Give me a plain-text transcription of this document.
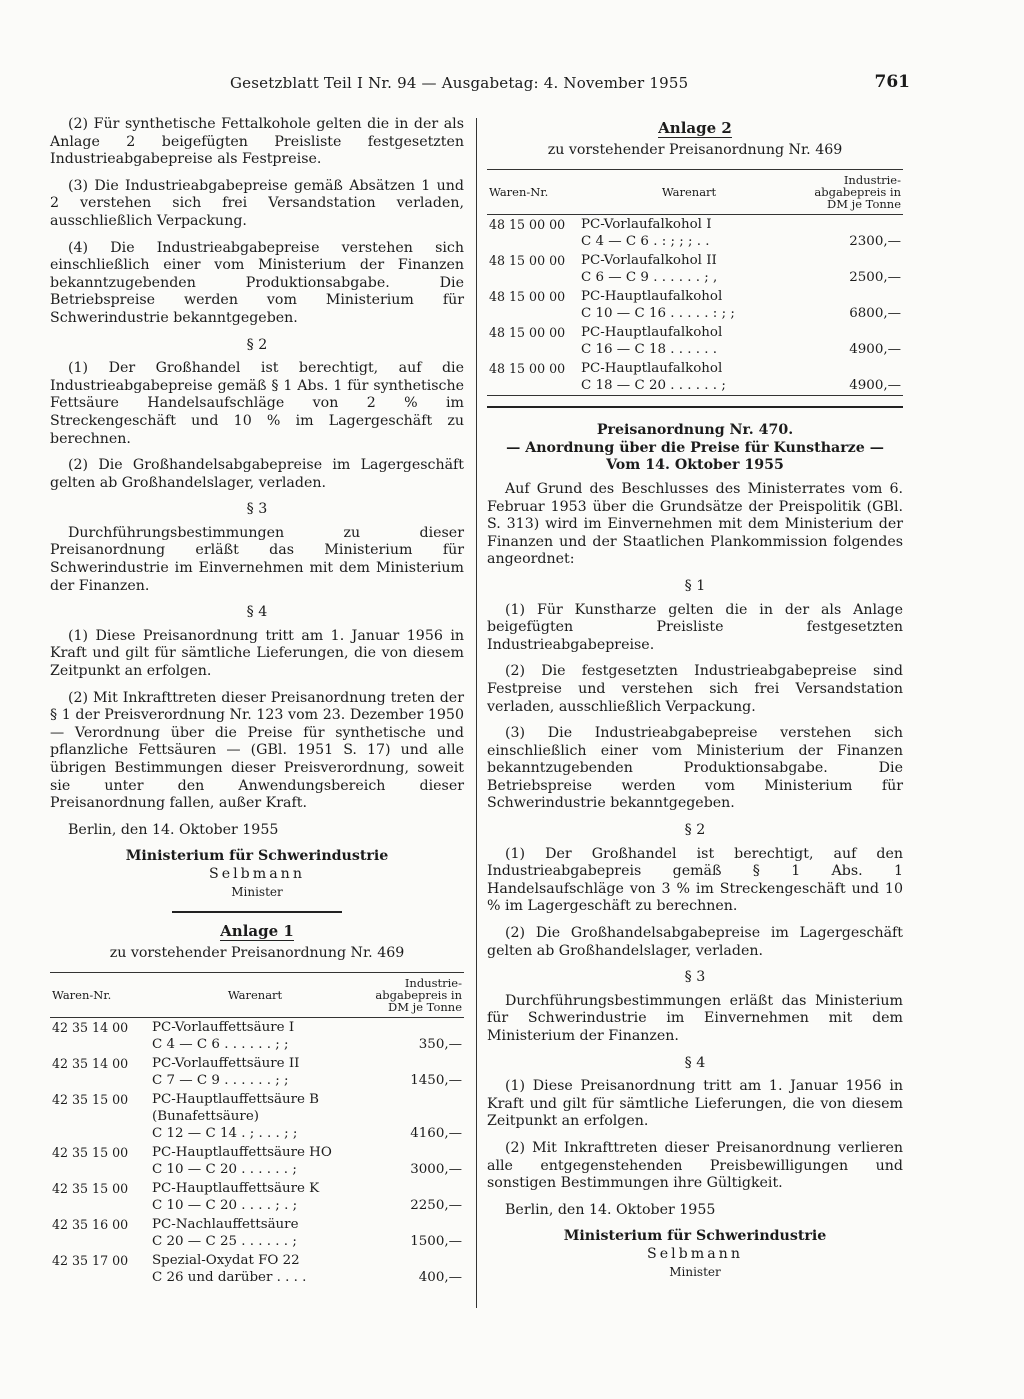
Gesetzblatt Teil I Nr. 94 — Ausgabetag: 4. November 1955	761

(2) Für synthetische Fettalkohole gelten die in der als Anlage 2 beigefügten Preisliste festgesetzten Industrieabgabepreise als Festpreise.

(3) Die Industrieabgabepreise gemäß Absätzen 1 und 2 verstehen sich frei Versandstation verladen, ausschließlich Verpackung.

(4) Die Industrieabgabepreise verstehen sich einschließlich einer vom Ministerium der Finanzen bekanntzugebenden Produktionsabgabe. Die Betriebspreise werden vom Ministerium für Schwerindustrie bekanntgegeben.

§ 2

(1) Der Großhandel ist berechtigt, auf die Industrieabgabepreise gemäß § 1 Abs. 1 für synthetische Fettsäure Handelsaufschläge von 2 % im Streckengeschäft und 10 % im Lagergeschäft zu berechnen.

(2) Die Großhandelsabgabepreise im Lagergeschäft gelten ab Großhandelslager, verladen.

§ 3

Durchführungsbestimmungen zu dieser Preisanordnung erläßt das Ministerium für Schwerindustrie im Einvernehmen mit dem Ministerium der Finanzen.

§ 4

(1) Diese Preisanordnung tritt am 1. Januar 1956 in Kraft und gilt für sämtliche Lieferungen, die von diesem Zeitpunkt an erfolgen.

(2) Mit Inkrafttreten dieser Preisanordnung treten der § 1 der Preisverordnung Nr. 123 vom 23. Dezember 1950 — Verordnung über die Preise für synthetische und pflanzliche Fettsäuren — (GBl. 1951 S. 17) und alle übrigen Bestimmungen dieser Preisverordnung, soweit sie unter den Anwendungsbereich dieser Preisanordnung fallen, außer Kraft.

Berlin, den 14. Oktober 1955

Ministerium für Schwerindustrie
Selbmann
Minister
Anlage 1
zu vorstehender Preisanordnung Nr. 469
Waren-Nr.	Warenart	Industrie-abgabepreis in DM je Tonne
42 35 14 00	PC-Vorlauffettsäure I
C 4 — C 6 . . . . . . ; ;	350,—
42 35 14 00	PC-Vorlauffettsäure II
C 7 — C 9 . . . . . . ; ;	1450,—
42 35 15 00	PC-Hauptlauffettsäure B
(Bunafettsäure)
C 12 — C 14 . ; . . . ; ;	4160,—
42 35 15 00	PC-Hauptlauffettsäure HO
C 10 — C 20 . . . . . . ;	3000,—
42 35 15 00	PC-Hauptlauffettsäure K
C 10 — C 20 . . . . ; . ;	2250,—
42 35 16 00	PC-Nachlauffettsäure
C 20 — C 25 . . . . . . ;	1500,—
42 35 17 00	Spezial-Oxydat FO 22
C 26 und darüber . . . .	400,—
Anlage 2
zu vorstehender Preisanordnung Nr. 469
Waren-Nr.	Warenart	Industrie-abgabepreis in DM je Tonne
48 15 00 00	PC-Vorlaufalkohol I
C 4 — C 6 . : ; ; ; . .	2300,—
48 15 00 00	PC-Vorlaufalkohol II
C 6 — C 9 . . . . . . ; ,	2500,—
48 15 00 00	PC-Hauptlaufalkohol
C 10 — C 16 . . . . . : ; ;	6800,—
48 15 00 00	PC-Hauptlaufalkohol
C 16 — C 18 . . . . . .	4900,—
48 15 00 00	PC-Hauptlaufalkohol
C 18 — C 20 . . . . . . ;	4900,—
Preisanordnung Nr. 470.
— Anordnung über die Preise für Kunstharze —
Vom 14. Oktober 1955

Auf Grund des Beschlusses des Ministerrates vom 6. Februar 1953 über die Grundsätze der Preispolitik (GBl. S. 313) wird im Einvernehmen mit dem Ministerium der Finanzen und der Staatlichen Plankommission folgendes angeordnet:

§ 1

(1) Für Kunstharze gelten die in der als Anlage beigefügten Preisliste festgesetzten Industrieabgabepreise.

(2) Die festgesetzten Industrieabgabepreise sind Festpreise und verstehen sich frei Versandstation verladen, ausschließlich Verpackung.

(3) Die Industrieabgabepreise verstehen sich einschließlich einer vom Ministerium der Finanzen bekanntzugebenden Produktionsabgabe. Die Betriebspreise werden vom Ministerium für Schwerindustrie bekanntgegeben.

§ 2

(1) Der Großhandel ist berechtigt, auf den Industrieabgabepreis gemäß § 1 Abs. 1 Handelsaufschläge von 3 % im Streckengeschäft und 10 % im Lagergeschäft zu berechnen.

(2) Die Großhandelsabgabepreise im Lagergeschäft gelten ab Großhandelslager, verladen.

§ 3

Durchführungsbestimmungen erläßt das Ministerium für Schwerindustrie im Einvernehmen mit dem Ministerium der Finanzen.

§ 4

(1) Diese Preisanordnung tritt am 1. Januar 1956 in Kraft und gilt für sämtliche Lieferungen, die von diesem Zeitpunkt an erfolgen.

(2) Mit Inkrafttreten dieser Preisanordnung verlieren alle entgegenstehenden Preisbewilligungen und sonstigen Bestimmungen ihre Gültigkeit.

Berlin, den 14. Oktober 1955

Ministerium für Schwerindustrie
Selbmann
Minister
